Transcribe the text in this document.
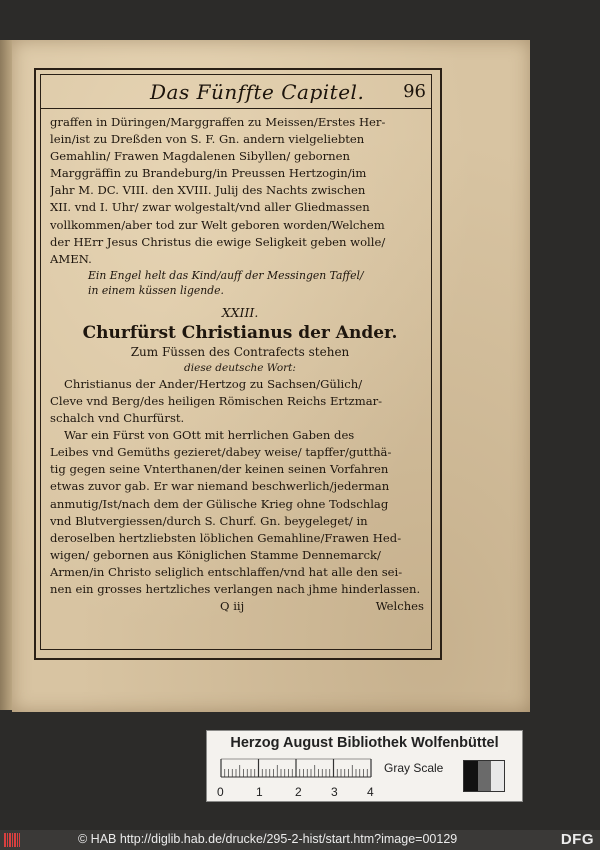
Das Fünffte Capitel. 96
graffen in Düringen/Marggraffen zu Meissen/Erstes Her-
lein/ist zu Dreßden von S. F. Gn. andern vielgeliebten
Gemahlin/ Frawen Magdalenen Sibyllen/ gebornen
Marggräffin zu Brandeburg/in Preussen Hertzogin/im
Jahr M. DC. VIII. den XVIII. Julij des Nachts zwischen
XII. vnd I. Uhr/ zwar wolgestalt/vnd aller Gliedmassen
vollkommen/aber tod zur Welt geboren worden/Welchem
der HErr Jesus Christus die ewige Seligkeit geben wolle/
AMEN.
Ein Engel helt das Kind/auff der Messingen Taffel/
in einem küssen ligende.
XXIII.
Churfürst Christianus der Ander.
Zum Füssen des Contrafects stehen
diese deutsche Wort:
Christianus der Ander/Hertzog zu Sachsen/Gülich/
Cleve vnd Berg/des heiligen Römischen Reichs Ertzmar-
schalch vnd Churfürst.
War ein Fürst von GOtt mit herrlichen Gaben des
Leibes vnd Gemüths gezieret/dabey weise/ tapffer/gutthä-
tig gegen seine Vnterthanen/der keinen seinen Vorfahren
etwas zuvor gab. Er war niemand beschwerlich/jederman
anmutig/Ist/nach dem der Gülische Krieg ohne Todschlag
vnd Blutvergiessen/durch S. Churf. Gn. beygeleget/ in
deroselben hertzliebsten löblichen Gemahline/Frawen Hed-
wigen/ gebornen aus Königlichen Stamme Dennemarck/
Armen/in Christo seliglich entschlaffen/vnd hat alle den sei-
nen ein grosses hertzliches verlangen nach jhme hinderlassen.
Q iij	Welches
Herzog August Bibliothek Wolfenbüttel
0	1	2 3 4
Gray Scale
© HAB http://diglib.hab.de/drucke/295-2-hist/start.htm?image=00129	DFG
